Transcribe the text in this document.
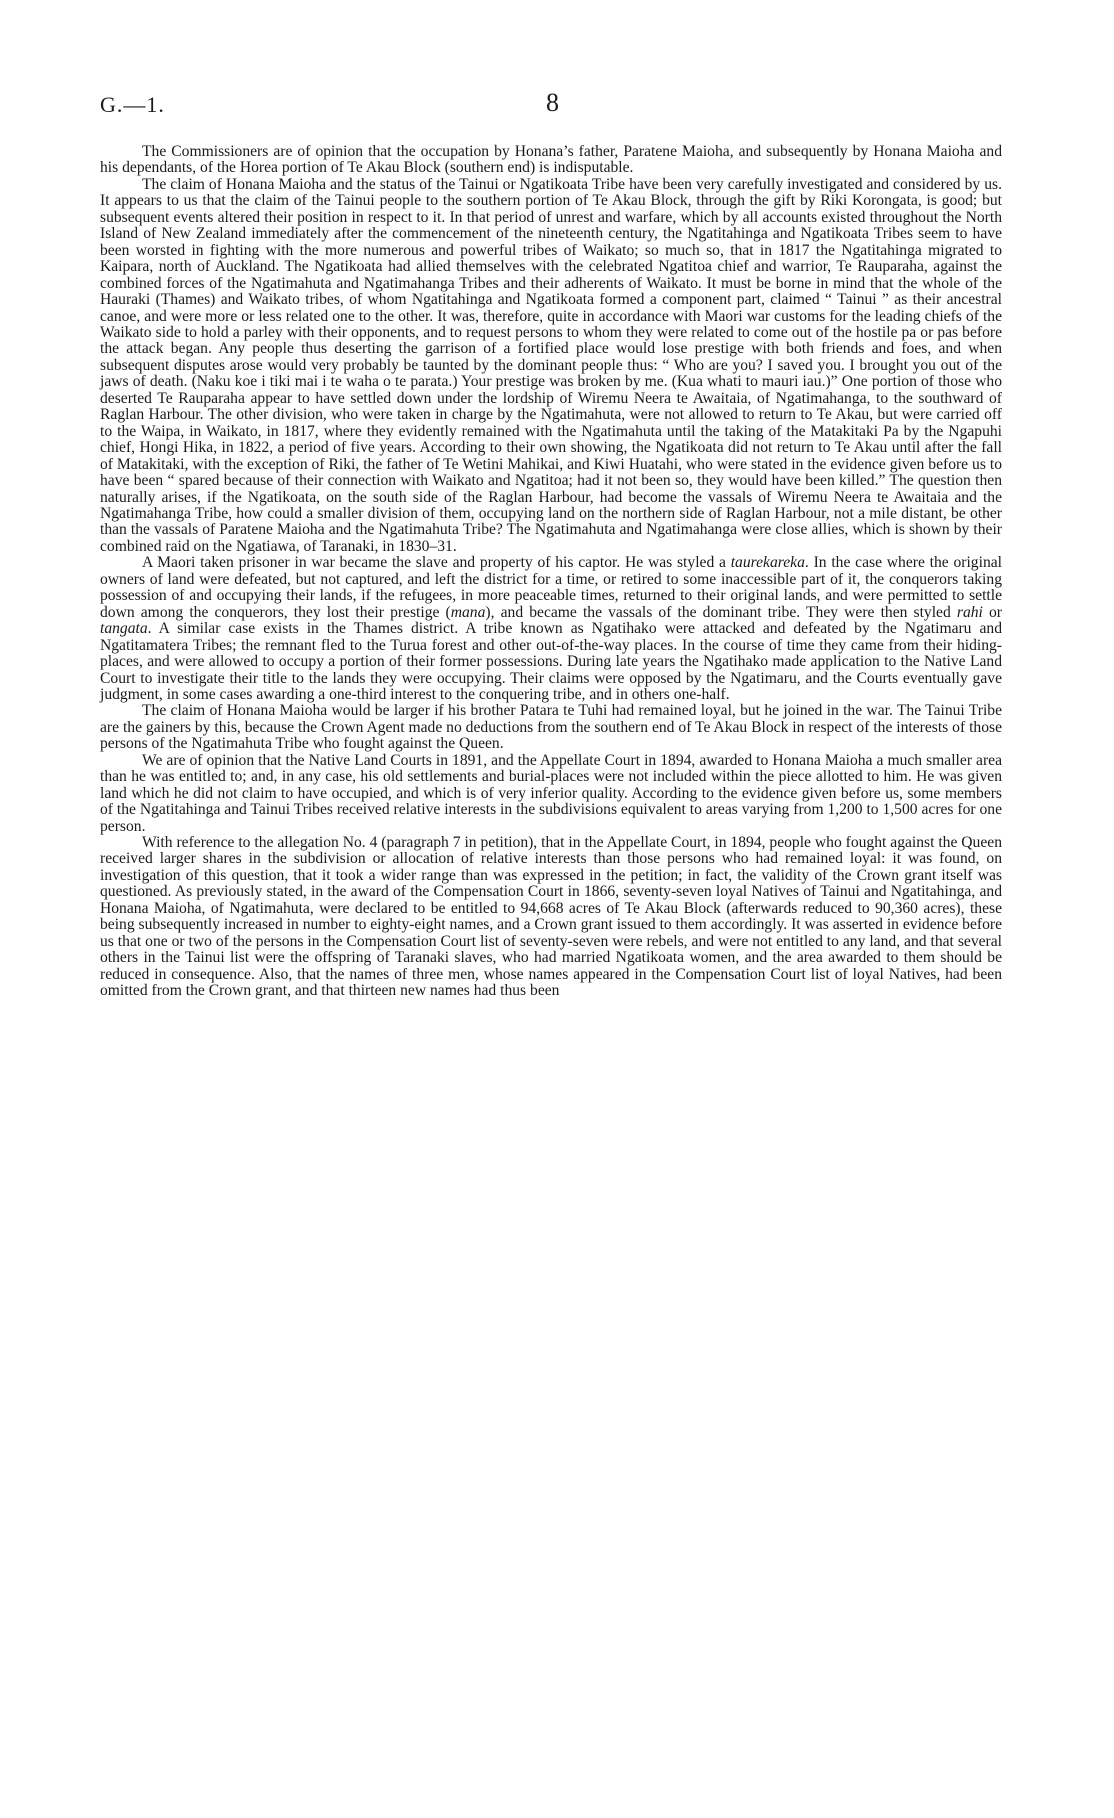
G.—1.	8

The Commissioners are of opinion that the occupation by Honana’s father, Paratene Maioha, and subsequently by Honana Maioha and his dependants, of the Horea portion of Te Akau Block (southern end) is indisputable.

The claim of Honana Maioha and the status of the Tainui or Ngatikoata Tribe have been very carefully investigated and considered by us. It appears to us that the claim of the Tainui people to the southern portion of Te Akau Block, through the gift by Riki Korongata, is good; but subsequent events altered their position in respect to it. In that period of unrest and warfare, which by all accounts existed throughout the North Island of New Zealand immediately after the commencement of the nineteenth century, the Ngatitahinga and Ngatikoata Tribes seem to have been worsted in fighting with the more numerous and powerful tribes of Waikato; so much so, that in 1817 the Ngatitahinga migrated to Kaipara, north of Auckland. The Ngatikoata had allied themselves with the celebrated Ngatitoa chief and warrior, Te Rauparaha, against the combined forces of the Ngatimahuta and Ngatimahanga Tribes and their adherents of Waikato. It must be borne in mind that the whole of the Hauraki (Thames) and Waikato tribes, of whom Ngatitahinga and Ngatikoata formed a component part, claimed “ Tainui ” as their ancestral canoe, and were more or less related one to the other. It was, therefore, quite in accordance with Maori war customs for the leading chiefs of the Waikato side to hold a parley with their opponents, and to request persons to whom they were related to come out of the hostile pa or pas before the attack began. Any people thus deserting the garrison of a fortified place would lose prestige with both friends and foes, and when subsequent disputes arose would very probably be taunted by the dominant people thus: “ Who are you? I saved you. I brought you out of the jaws of death. (Naku koe i tiki mai i te waha o te parata.) Your prestige was broken by me. (Kua whati to mauri iau.)” One portion of those who deserted Te Rauparaha appear to have settled down under the lordship of Wiremu Neera te Awaitaia, of Ngatimahanga, to the southward of Raglan Harbour. The other division, who were taken in charge by the Ngatimahuta, were not allowed to return to Te Akau, but were carried off to the Waipa, in Waikato, in 1817, where they evidently remained with the Ngatimahuta until the taking of the Matakitaki Pa by the Ngapuhi chief, Hongi Hika, in 1822, a period of five years. According to their own showing, the Ngatikoata did not return to Te Akau until after the fall of Matakitaki, with the exception of Riki, the father of Te Wetini Mahikai, and Kiwi Huatahi, who were stated in the evidence given before us to have been “ spared because of their connection with Waikato and Ngatitoa; had it not been so, they would have been killed.” The question then naturally arises, if the Ngatikoata, on the south side of the Raglan Harbour, had become the vassals of Wiremu Neera te Awaitaia and the Ngatimahanga Tribe, how could a smaller division of them, occupying land on the northern side of Raglan Harbour, not a mile distant, be other than the vassals of Paratene Maioha and the Ngatimahuta Tribe? The Ngatimahuta and Ngatimahanga were close allies, which is shown by their combined raid on the Ngatiawa, of Taranaki, in 1830–31.

A Maori taken prisoner in war became the slave and property of his captor. He was styled a taurekareka. In the case where the original owners of land were defeated, but not captured, and left the district for a time, or retired to some inaccessible part of it, the conquerors taking possession of and occupying their lands, if the refugees, in more peaceable times, returned to their original lands, and were permitted to settle down among the conquerors, they lost their prestige (mana), and became the vassals of the dominant tribe. They were then styled rahi or tangata. A similar case exists in the Thames district. A tribe known as Ngatihako were attacked and defeated by the Ngatimaru and Ngatitamatera Tribes; the remnant fled to the Turua forest and other out-of-the-way places. In the course of time they came from their hiding-places, and were allowed to occupy a portion of their former possessions. During late years the Ngatihako made application to the Native Land Court to investigate their title to the lands they were occupying. Their claims were opposed by the Ngatimaru, and the Courts eventually gave judgment, in some cases awarding a one-third interest to the conquering tribe, and in others one-half.

The claim of Honana Maioha would be larger if his brother Patara te Tuhi had remained loyal, but he joined in the war. The Tainui Tribe are the gainers by this, because the Crown Agent made no deductions from the southern end of Te Akau Block in respect of the interests of those persons of the Ngatimahuta Tribe who fought against the Queen.

We are of opinion that the Native Land Courts in 1891, and the Appellate Court in 1894, awarded to Honana Maioha a much smaller area than he was entitled to; and, in any case, his old settlements and burial-places were not included within the piece allotted to him. He was given land which he did not claim to have occupied, and which is of very inferior quality. According to the evidence given before us, some members of the Ngatitahinga and Tainui Tribes received relative interests in the subdivisions equivalent to areas varying from 1,200 to 1,500 acres for one person.

With reference to the allegation No. 4 (paragraph 7 in petition), that in the Appellate Court, in 1894, people who fought against the Queen received larger shares in the subdivision or allocation of relative interests than those persons who had remained loyal: it was found, on investigation of this question, that it took a wider range than was expressed in the petition; in fact, the validity of the Crown grant itself was questioned. As previously stated, in the award of the Compensation Court in 1866, seventy-seven loyal Natives of Tainui and Ngatitahinga, and Honana Maioha, of Ngatimahuta, were declared to be entitled to 94,668 acres of Te Akau Block (afterwards reduced to 90,360 acres), these being subsequently increased in number to eighty-eight names, and a Crown grant issued to them accordingly. It was asserted in evidence before us that one or two of the persons in the Compensation Court list of seventy-seven were rebels, and were not entitled to any land, and that several others in the Tainui list were the offspring of Taranaki slaves, who had married Ngatikoata women, and the area awarded to them should be reduced in consequence. Also, that the names of three men, whose names appeared in the Compensation Court list of loyal Natives, had been omitted from the Crown grant, and that thirteen new names had thus been
